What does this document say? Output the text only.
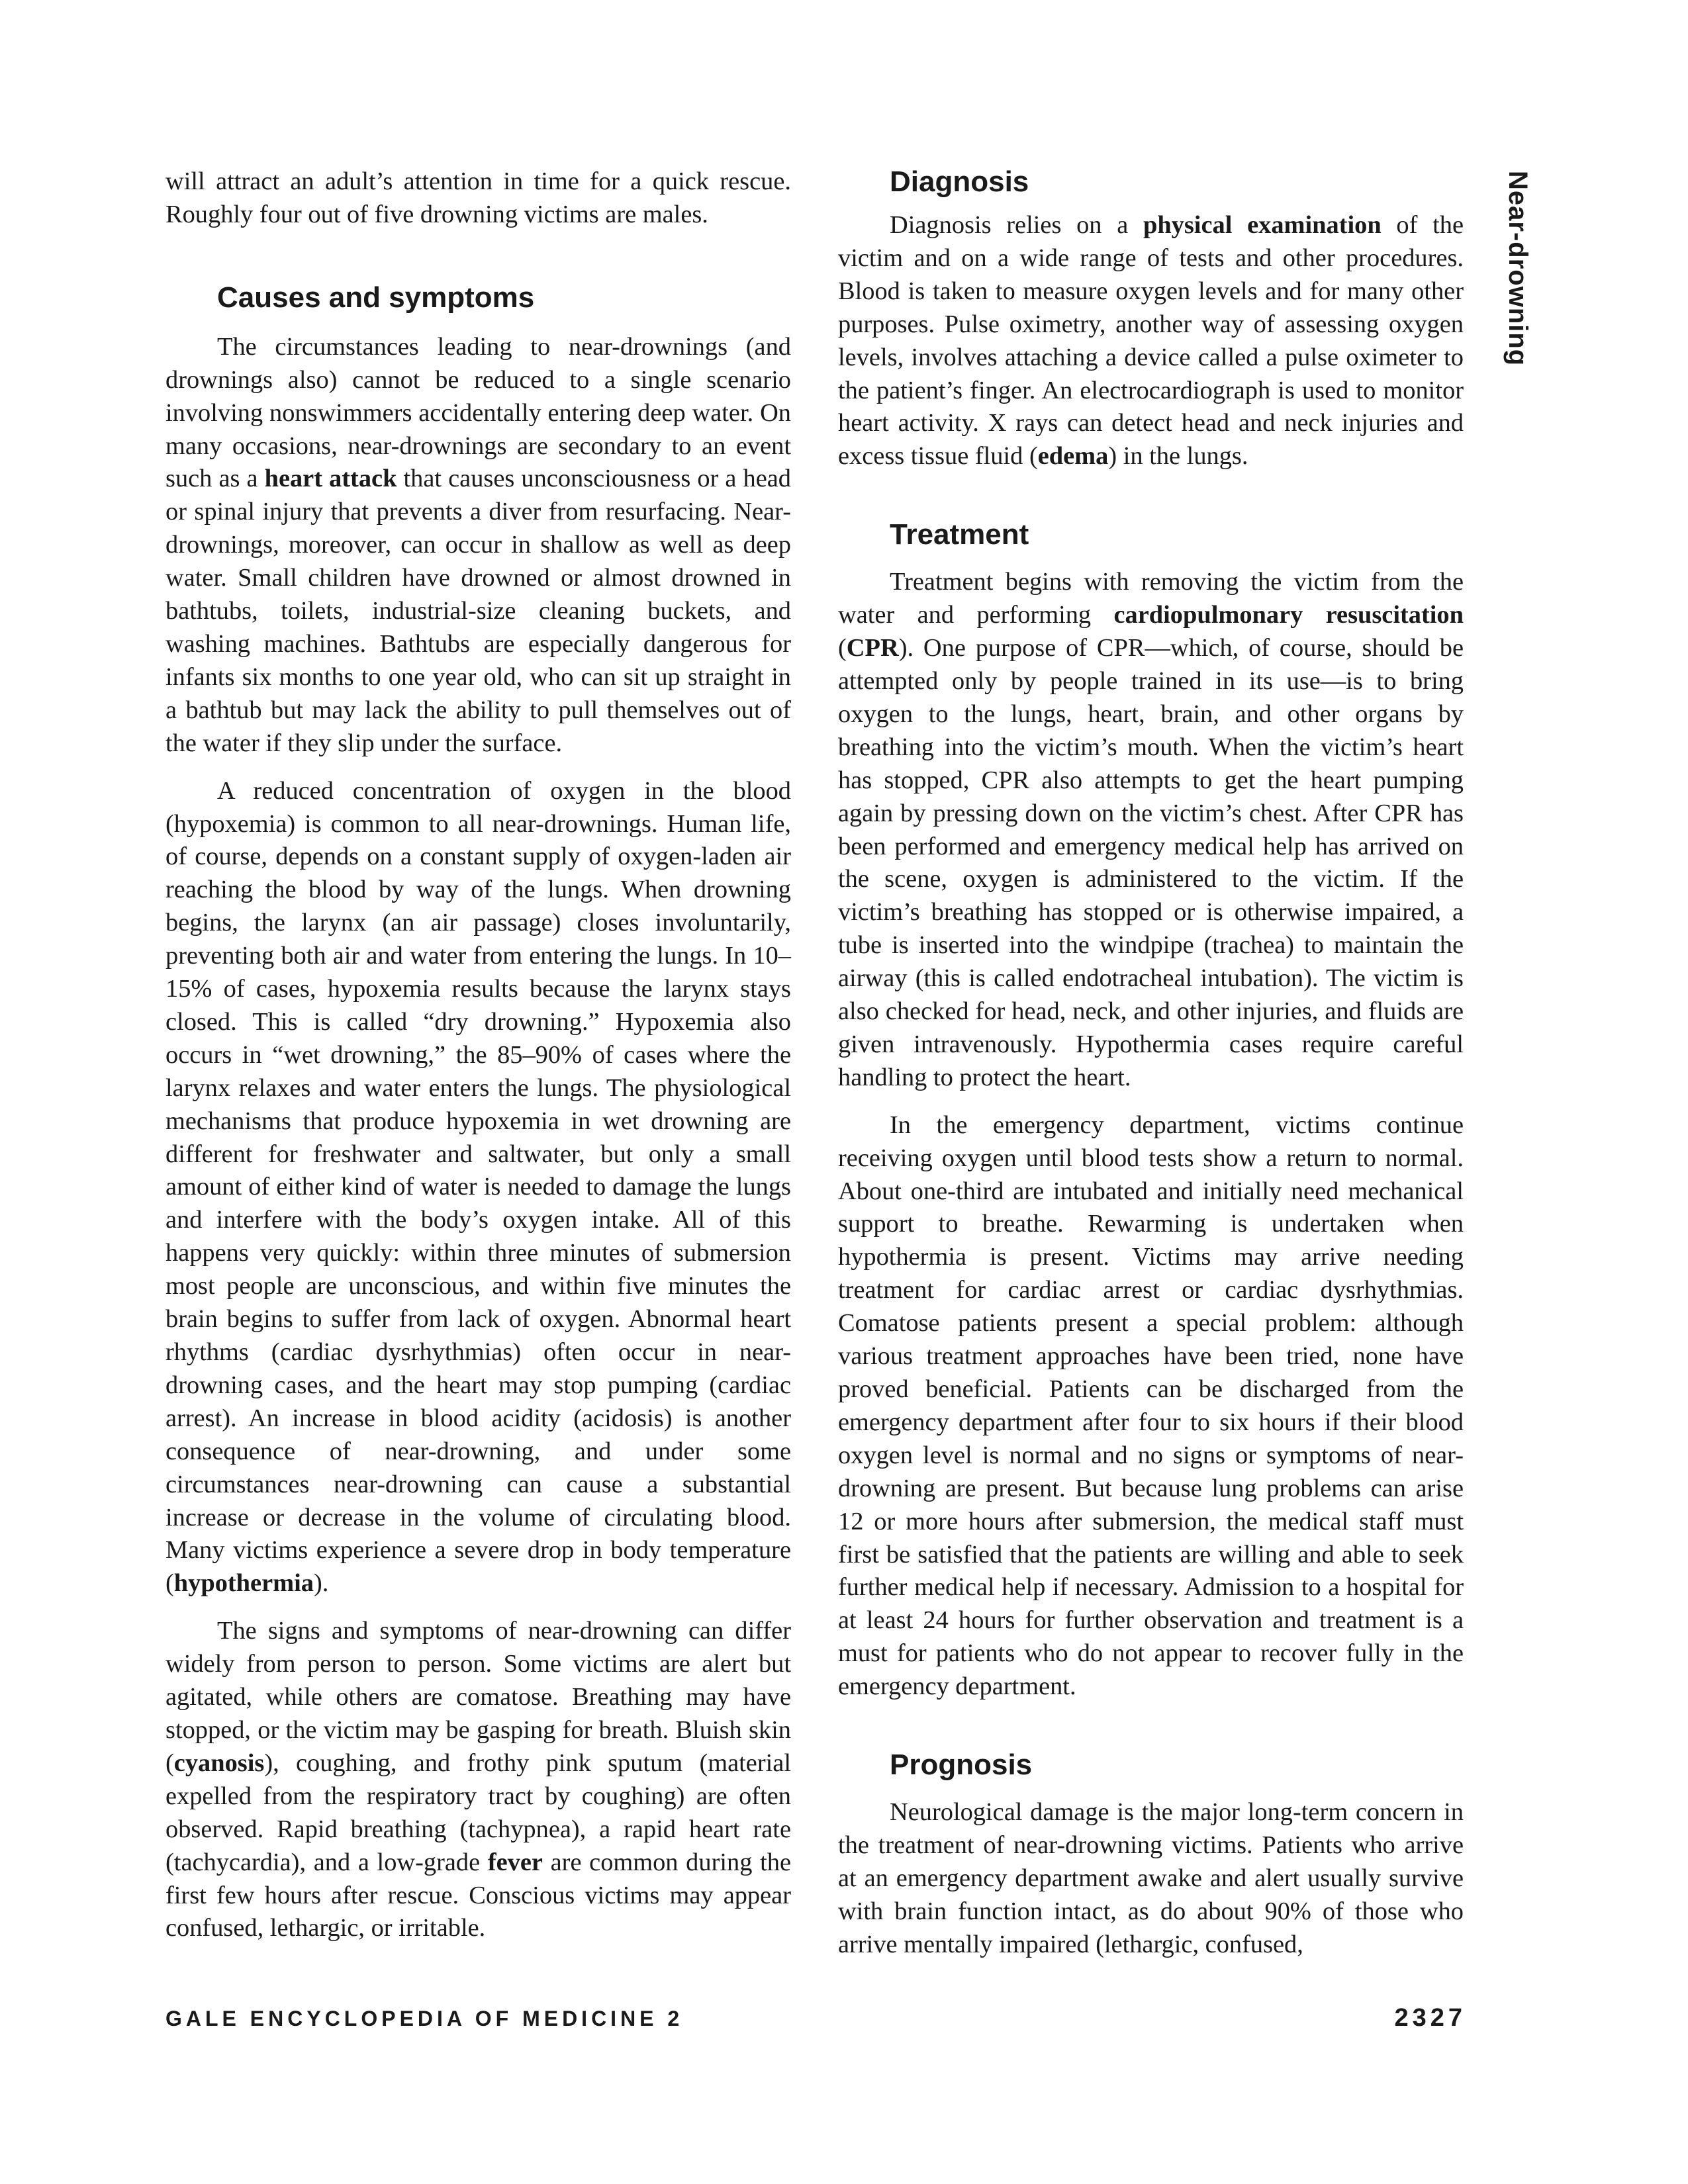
Near-drowning

will attract an adult’s attention in time for a quick rescue. Roughly four out of five drowning victims are males.

Causes and symptoms

The circumstances leading to near-drownings (and drownings also) cannot be reduced to a single scenario involving nonswimmers accidentally entering deep water. On many occasions, near-drownings are secondary to an event such as a heart attack that causes unconsciousness or a head or spinal injury that prevents a diver from resurfacing. Near-drownings, moreover, can occur in shallow as well as deep water. Small children have drowned or almost drowned in bathtubs, toilets, industrial-size cleaning buckets, and washing machines. Bathtubs are especially dangerous for infants six months to one year old, who can sit up straight in a bathtub but may lack the ability to pull themselves out of the water if they slip under the surface.

A reduced concentration of oxygen in the blood (hypoxemia) is common to all near-drownings. Human life, of course, depends on a constant supply of oxygen-laden air reaching the blood by way of the lungs. When drowning begins, the larynx (an air passage) closes involuntarily, preventing both air and water from entering the lungs. In 10–15% of cases, hypoxemia results because the larynx stays closed. This is called “dry drowning.” Hypoxemia also occurs in “wet drowning,” the 85–90% of cases where the larynx relaxes and water enters the lungs. The physiological mechanisms that produce hypoxemia in wet drowning are different for freshwater and saltwater, but only a small amount of either kind of water is needed to damage the lungs and interfere with the body’s oxygen intake. All of this happens very quickly: within three minutes of submersion most people are unconscious, and within five minutes the brain begins to suffer from lack of oxygen. Abnormal heart rhythms (cardiac dysrhythmias) often occur in near-drowning cases, and the heart may stop pumping (cardiac arrest). An increase in blood acidity (acidosis) is another consequence of near-drowning, and under some circumstances near-drowning can cause a substantial increase or decrease in the volume of circulating blood. Many victims experience a severe drop in body temperature (hypothermia).

The signs and symptoms of near-drowning can differ widely from person to person. Some victims are alert but agitated, while others are comatose. Breathing may have stopped, or the victim may be gasping for breath. Bluish skin (cyanosis), coughing, and frothy pink sputum (material expelled from the respiratory tract by coughing) are often observed. Rapid breathing (tachypnea), a rapid heart rate (tachycardia), and a low-grade fever are common during the first few hours after rescue. Conscious victims may appear confused, lethargic, or irritable.

Diagnosis

Diagnosis relies on a physical examination of the victim and on a wide range of tests and other procedures. Blood is taken to measure oxygen levels and for many other purposes. Pulse oximetry, another way of assessing oxygen levels, involves attaching a device called a pulse oximeter to the patient’s finger. An electrocardiograph is used to monitor heart activity. X rays can detect head and neck injuries and excess tissue fluid (edema) in the lungs.

Treatment

Treatment begins with removing the victim from the water and performing cardiopulmonary resuscitation (CPR). One purpose of CPR—which, of course, should be attempted only by people trained in its use—is to bring oxygen to the lungs, heart, brain, and other organs by breathing into the victim’s mouth. When the victim’s heart has stopped, CPR also attempts to get the heart pumping again by pressing down on the victim’s chest. After CPR has been performed and emergency medical help has arrived on the scene, oxygen is administered to the victim. If the victim’s breathing has stopped or is otherwise impaired, a tube is inserted into the windpipe (trachea) to maintain the airway (this is called endotracheal intubation). The victim is also checked for head, neck, and other injuries, and fluids are given intravenously. Hypothermia cases require careful handling to protect the heart.

In the emergency department, victims continue receiving oxygen until blood tests show a return to normal. About one-third are intubated and initially need mechanical support to breathe. Rewarming is undertaken when hypothermia is present. Victims may arrive needing treatment for cardiac arrest or cardiac dysrhythmias. Comatose patients present a special problem: although various treatment approaches have been tried, none have proved beneficial. Patients can be discharged from the emergency department after four to six hours if their blood oxygen level is normal and no signs or symptoms of near-drowning are present. But because lung problems can arise 12 or more hours after submersion, the medical staff must first be satisfied that the patients are willing and able to seek further medical help if necessary. Admission to a hospital for at least 24 hours for further observation and treatment is a must for patients who do not appear to recover fully in the emergency department.

Prognosis

Neurological damage is the major long-term concern in the treatment of near-drowning victims. Patients who arrive at an emergency department awake and alert usually survive with brain function intact, as do about 90% of those who arrive mentally impaired (lethargic, confused,

GALE ENCYCLOPEDIA OF MEDICINE 2	2327
